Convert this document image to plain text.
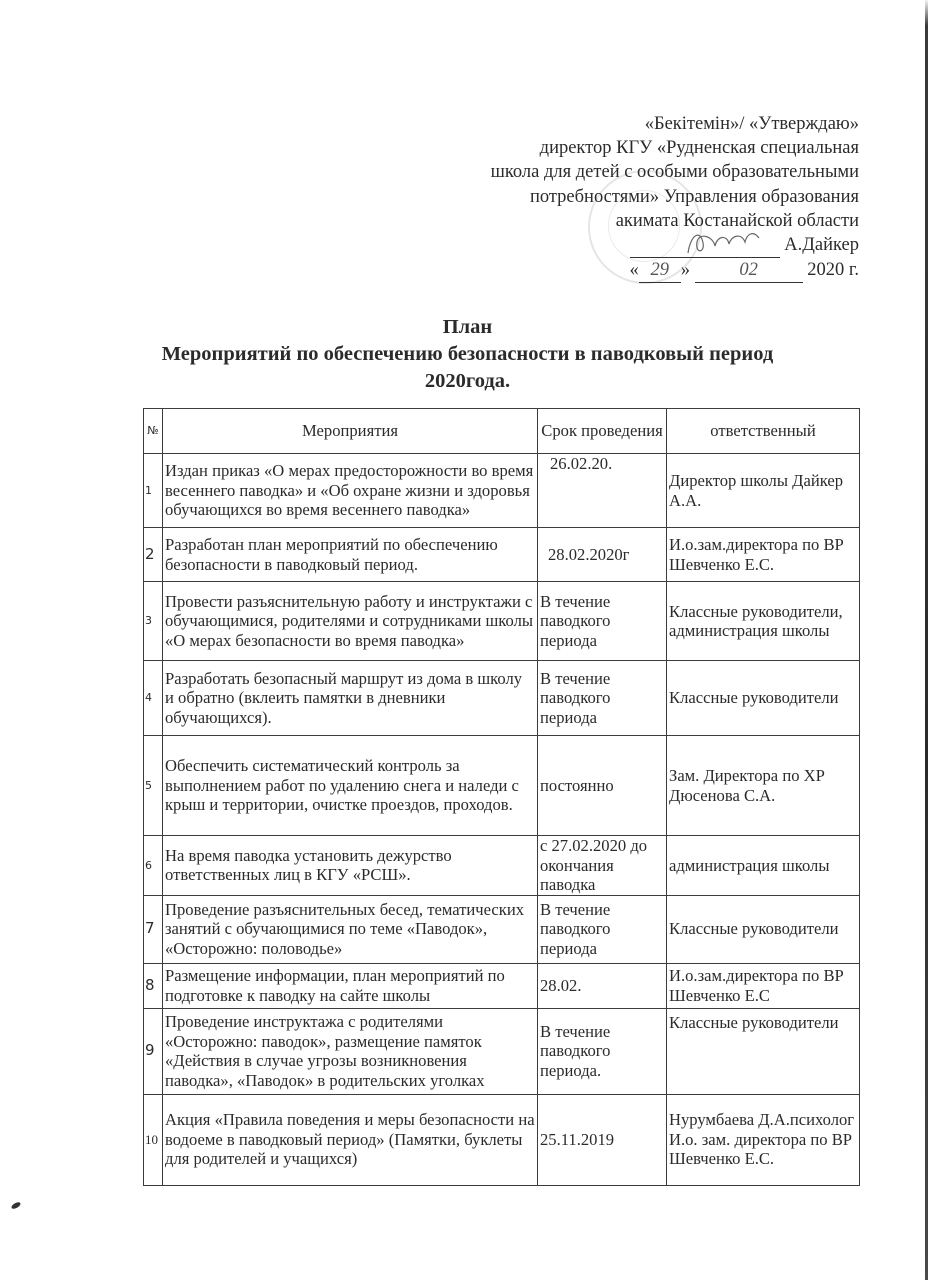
«Бекітемін»/ «Утверждаю»
директор КГУ «Рудненская специальная
школа для детей с особыми образовательными
потребностями» Управления образования
акимата Костанайской области
А.Дайкер
« 29 » 02	2020 г.
План
Мероприятий по обеспечению безопасности в паводковый период
2020года.
№	Мероприятия	Срок проведения	ответственный
1	Издан приказ «О мерах предосторожности во время весеннего паводка» и «Об охране жизни и здоровья обучающихся во время весеннего паводка»	26.02.20.	Директор школы Дайкер А.А.
2	Разработан план мероприятий по обеспечению безопасности в паводковый период.	28.02.2020г	И.о.зам.директора по ВР Шевченко Е.С.
3	Провести разъяснительную работу и инструктажи с обучающимися, родителями и сотрудниками школы «О мерах безопасности во время паводка»	В течение паводкого периода	Классные руководители, администрация школы
4	Разработать безопасный маршрут из дома в школу и обратно (вклеить памятки в дневники обучающихся).	В течение паводкого периода	Классные руководители
5	Обеспечить систематический контроль за выполнением работ по удалению снега и наледи с крыш и территории, очистке проездов, проходов.	постоянно	Зам. Директора по ХР Дюсенова С.А.
6	На время паводка установить дежурство ответственных лиц в КГУ «РСШ».	с 27.02.2020 до окончания паводка	администрация школы
7	Проведение разъяснительных бесед, тематических занятий с обучающимися по теме «Паводок», «Осторожно: половодье»	В течение паводкого периода	Классные руководители
8	Размещение информации, план мероприятий по подготовке к паводку на сайте школы	28.02.	И.о.зам.директора по ВР Шевченко Е.С
9	Проведение инструктажа с родителями «Осторожно: паводок», размещение памяток «Действия в случае угрозы возникновения паводка», «Паводок» в родительских уголках	В течение паводкого периода.	Классные руководители
10	Акция «Правила поведения и меры безопасности на водоеме в паводковый период» (Памятки, буклеты для родителей и учащихся)	25.11.2019	Нурумбаева Д.А.психолог И.о. зам. директора по ВР Шевченко Е.С.
